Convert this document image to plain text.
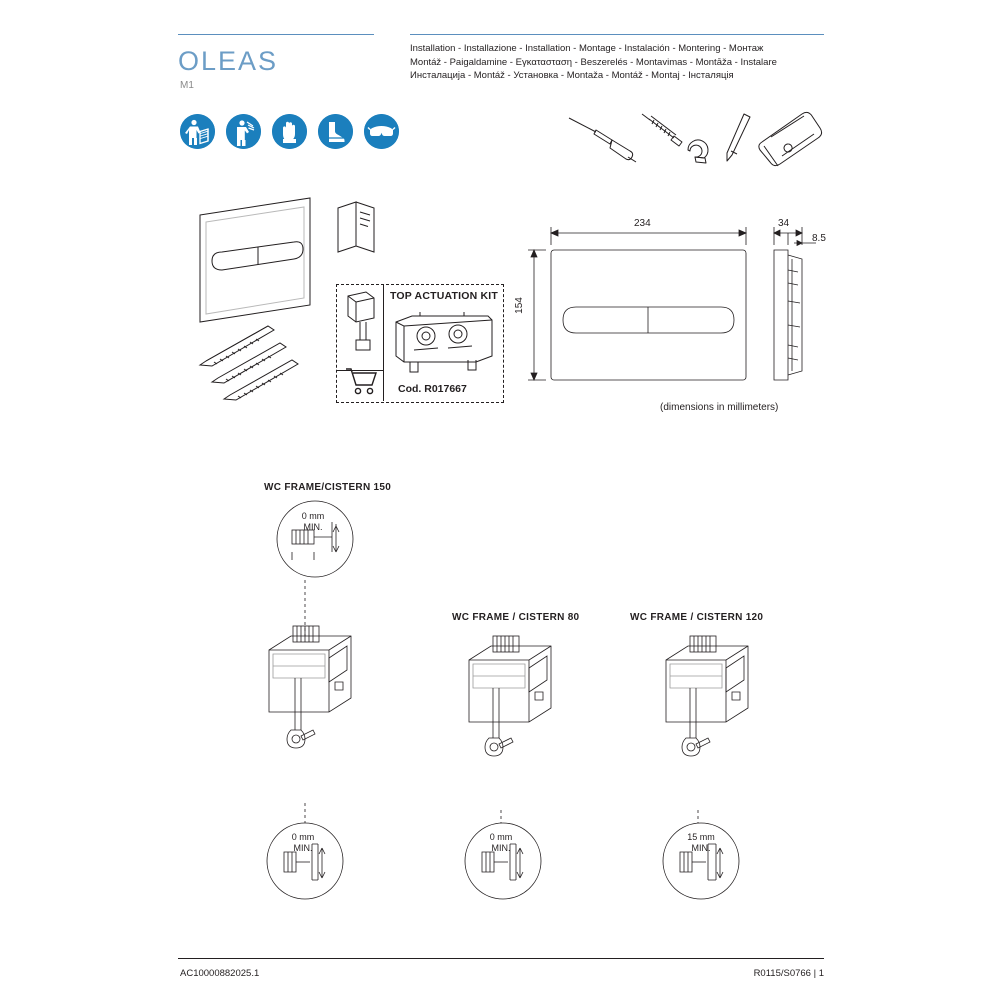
OLEAS
M1
Installation - Installazione - Installation - Montage - Instalación - Montering - Монтаж
Montáž - Paigaldamine - Εγκατασταση - Beszerelés - Montavimas - Montāža - Instalare
Инсталација - Montáž - Установка - Montaža - Montáž - Montaj - Інсталяція
TOP ACTUATION KIT
Cod. R017667
234
154
34
8.5
(dimensions in millimeters)
WC FRAME/CISTERN 150
0 mm
MIN.
0 mm
MIN.
WC FRAME / CISTERN 80
0 mm
MIN.
WC FRAME / CISTERN 120
15 mm
MIN.
AC10000882025.1	R0115/S0766 | 1
